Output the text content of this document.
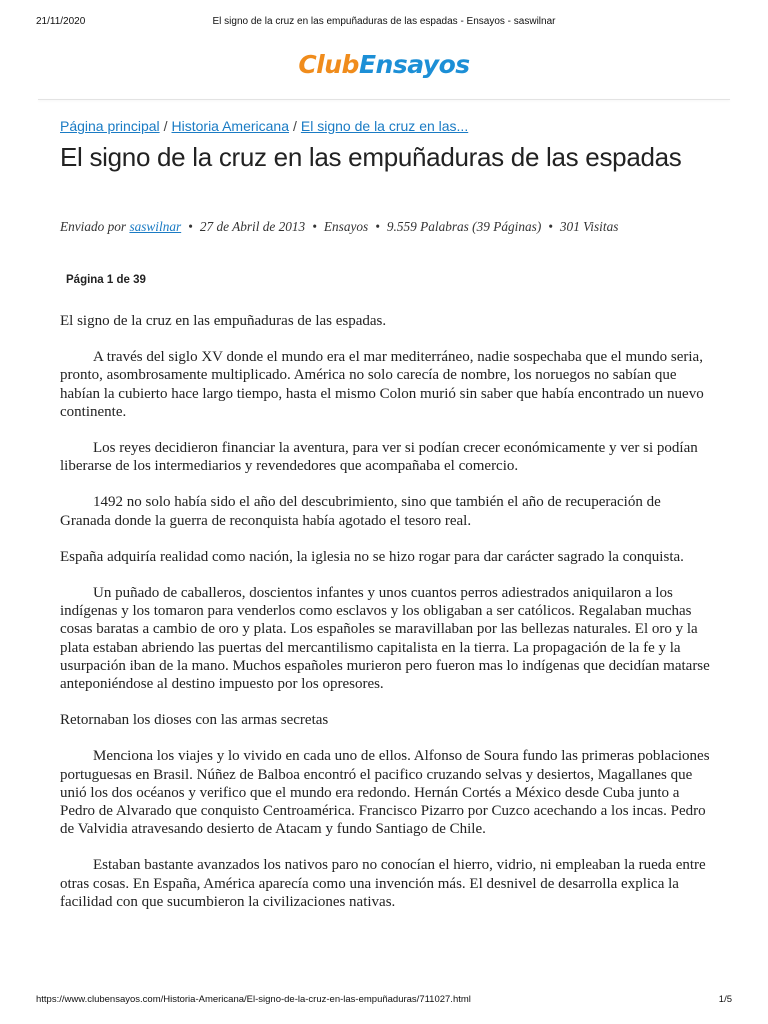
21/11/2020	El signo de la cruz en las empuñaduras de las espadas - Ensayos - saswilnar
ClubEnsayos
Página principal / Historia Americana / El signo de la cruz en las...
El signo de la cruz en las empuñaduras de las espadas
Enviado por saswilnar • 27 de Abril de 2013 • Ensayos • 9.559 Palabras (39 Páginas) • 301 Visitas
Página 1 de 39

El signo de la cruz en las empuñaduras de las espadas.

A través del siglo XV donde el mundo era el mar mediterráneo, nadie sospechaba que el mundo seria, pronto, asombrosamente multiplicado. América no solo carecía de nombre, los noruegos no sabían que habían la cubierto hace largo tiempo, hasta el mismo Colon murió sin saber que había encontrado un nuevo continente.

Los reyes decidieron financiar la aventura, para ver si podían crecer económicamente y ver si podían liberarse de los intermediarios y revendedores que acompañaba el comercio.

1492 no solo había sido el año del descubrimiento, sino que también el año de recuperación de Granada donde la guerra de reconquista había agotado el tesoro real.

España adquiría realidad como nación, la iglesia no se hizo rogar para dar carácter sagrado la conquista.

Un puñado de caballeros, doscientos infantes y unos cuantos perros adiestrados aniquilaron a los indígenas y los tomaron para venderlos como esclavos y los obligaban a ser católicos. Regalaban muchas cosas baratas a cambio de oro y plata. Los españoles se maravillaban por las bellezas naturales. El oro y la plata estaban abriendo las puertas del mercantilismo capitalista en la tierra. La propagación de la fe y la usurpación iban de la mano. Muchos españoles murieron pero fueron mas lo indígenas que decidían matarse anteponiéndose al destino impuesto por los opresores.

Retornaban los dioses con las armas secretas

Menciona los viajes y lo vivido en cada uno de ellos. Alfonso de Soura fundo las primeras poblaciones portuguesas en Brasil. Núñez de Balboa encontró el pacifico cruzando selvas y desiertos, Magallanes que unió los dos océanos y verifico que el mundo era redondo. Hernán Cortés a México desde Cuba junto a Pedro de Alvarado que conquisto Centroamérica. Francisco Pizarro por Cuzco acechando a los incas. Pedro de Valvidia atravesando desierto de Atacam y fundo Santiago de Chile.

Estaban bastante avanzados los nativos paro no conocían el hierro, vidrio, ni empleaban la rueda entre otras cosas. En España, América aparecía como una invención más. El desnivel de desarrolla explica la facilidad con que sucumbieron la civilizaciones nativas.

https://www.clubensayos.com/Historia-Americana/El-signo-de-la-cruz-en-las-empuñaduras/711027.html	1/5
